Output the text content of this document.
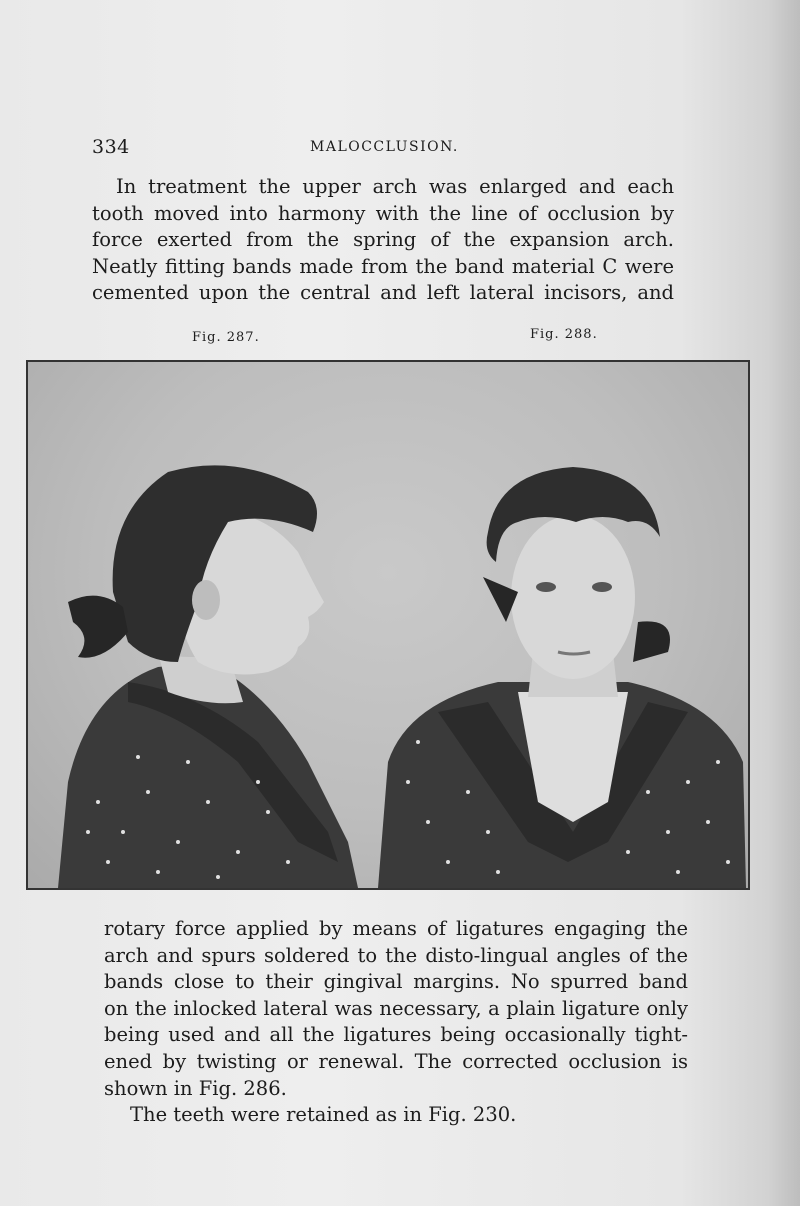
334	MALOCCLUSION.
In treatment the upper arch was enlarged and each
tooth moved into harmony with the line of occlusion by
force exerted from the spring of the expansion arch.
Neatly fitting bands made from the band material C were
cemented upon the central and left lateral incisors, and
Fig. 287.	Fig. 288.
rotary force applied by means of ligatures engaging the
arch and spurs soldered to the disto-lingual angles of the
bands close to their gingival margins. No spurred band
on the inlocked lateral was necessary, a plain ligature only
being used and all the ligatures being occasionally tight-
ened by twisting or renewal. The corrected occlusion is
shown in Fig. 286.
The teeth were retained as in Fig. 230.
